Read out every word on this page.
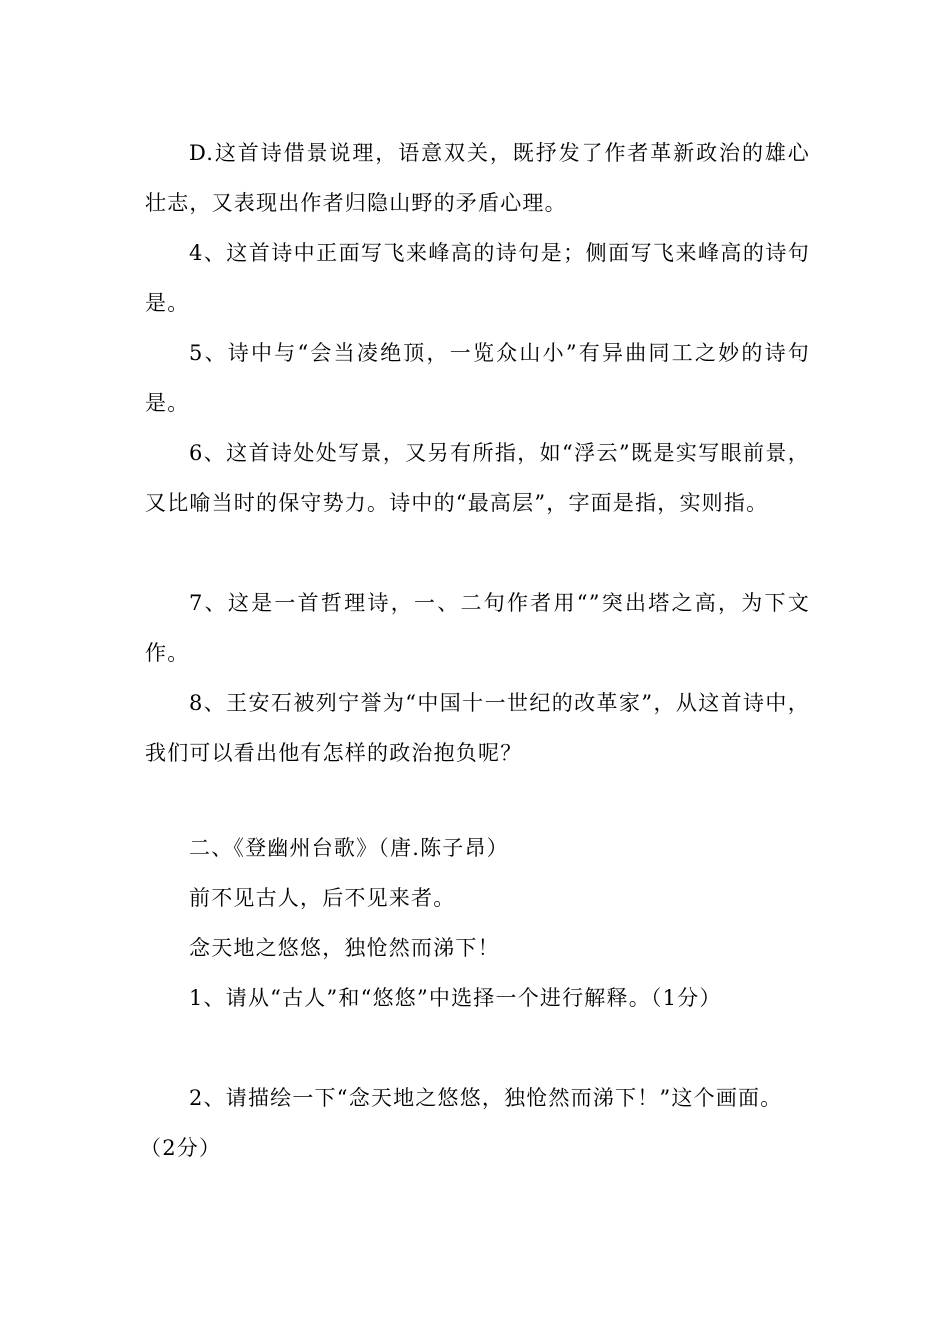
D.这首诗借景说理，语意双关，既抒发了作者革新政治的雄心壮志，又表现出作者归隐山野的矛盾心理。

4、这首诗中正面写飞来峰高的诗句是；侧面写飞来峰高的诗句是。

5、诗中与“会当凌绝顶，一览众山小”有异曲同工之妙的诗句是。

6、这首诗处处写景，又另有所指，如“浮云”既是实写眼前景，又比喻当时的保守势力。诗中的“最高层”，字面是指，实则指。

7、这是一首哲理诗，一、二句作者用“”突出塔之高，为下文作。

8、王安石被列宁誉为“中国十一世纪的改革家”，从这首诗中，我们可以看出他有怎样的政治抱负呢？

二、《登幽州台歌》（唐.陈子昂）

前不见古人，后不见来者。

念天地之悠悠，独怆然而涕下！

1、请从“古人”和“悠悠”中选择一个进行解释。（1分）

2、请描绘一下“念天地之悠悠，独怆然而涕下！”这个画面。

（2分）
